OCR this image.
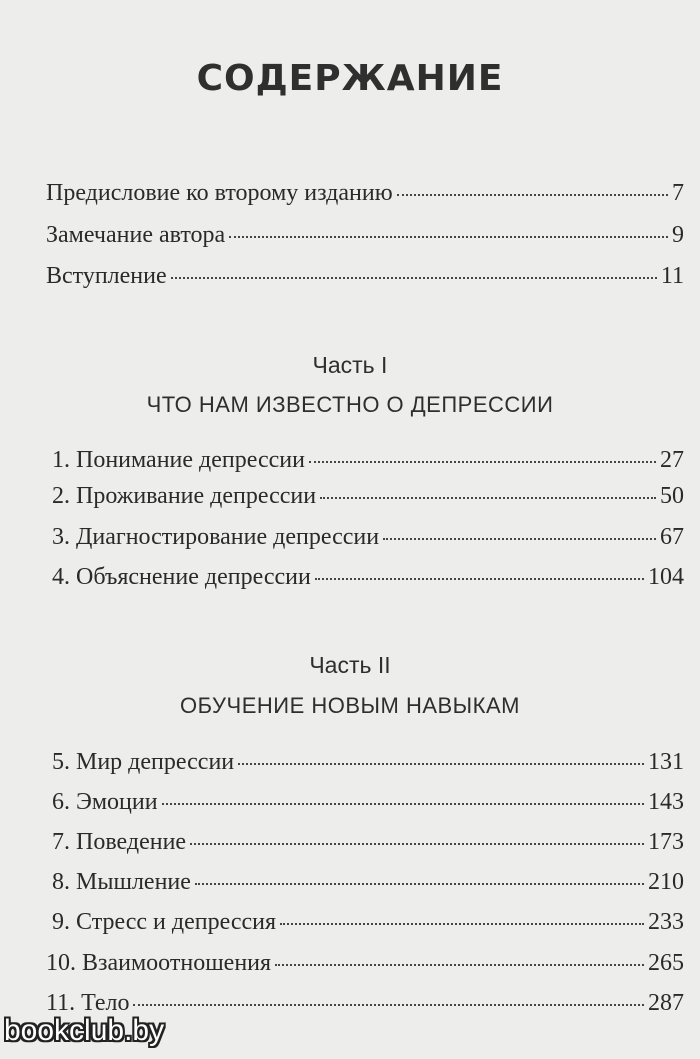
СОДЕРЖАНИЕ
Предисловие ко второму изданию	7
Замечание автора	9
Вступление	11
Часть I
ЧТО НАМ ИЗВЕСТНО О ДЕПРЕССИИ
1. Понимание депрессии	27
2. Проживание депрессии	50
3. Диагностирование депрессии	67
4. Объяснение депрессии	104
Часть II
ОБУЧЕНИЕ НОВЫМ НАВЫКАМ
5. Мир депрессии	131
6. Эмоции	143
7. Поведение	173
8. Мышление	210
9. Стресс и депрессия	233
10. Взаимоотношения	265
11. Тело	287
bookclub.by
